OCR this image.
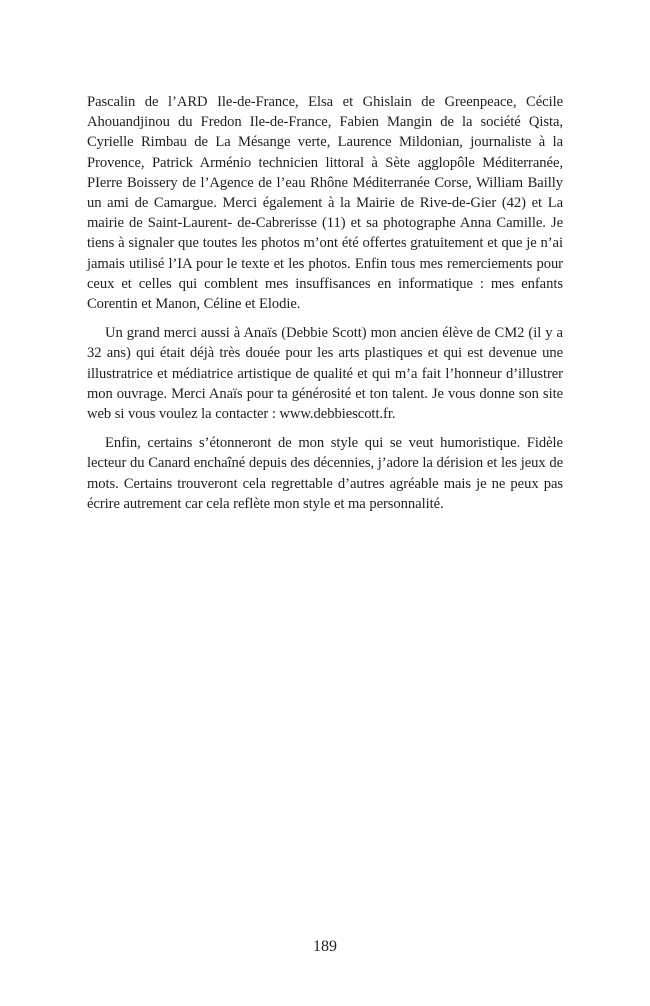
Pascalin de l’ARD Ile-de-France, Elsa et Ghislain de Greenpeace, Cécile Ahouandjinou du Fredon Ile-de-France, Fabien Mangin de la société Qista, Cyrielle Rimbau de La Mésange verte, Laurence Mildonian, journaliste à la Provence, Patrick Arménio technicien littoral à Sète agglopôle Méditerranée, PIerre Boissery de l’Agence de l’eau Rhône Méditerranée Corse, William Bailly un ami de Camargue. Merci également à la Mairie de Rive-de-Gier (42) et La mairie de Saint-Laurent- de-Cabrerisse (11) et sa photographe Anna Camille. Je tiens à signaler que toutes les photos m’ont été offertes gratuitement et que je n’ai jamais utilisé l’IA pour le texte et les photos. Enfin tous mes remerciements pour ceux et celles qui comblent mes insuffisances en informatique : mes enfants Corentin et Manon, Céline et Elodie.

Un grand merci aussi à Anaïs (Debbie Scott) mon ancien élève de CM2 (il y a 32 ans) qui était déjà très douée pour les arts plastiques et qui est devenue une illustratrice et médiatrice artistique de qualité et qui m’a fait l’honneur d’illustrer mon ouvrage. Merci Anaïs pour ta générosité et ton talent. Je vous donne son site web si vous voulez la contacter : www.debbiescott.fr.

Enfin, certains s’étonneront de mon style qui se veut humoristique. Fidèle lecteur du Canard enchaîné depuis des décennies, j’adore la dérision et les jeux de mots. Certains trouveront cela regrettable d’autres agréable mais je ne peux pas écrire autrement car cela reflète mon style et ma personnalité.

189
